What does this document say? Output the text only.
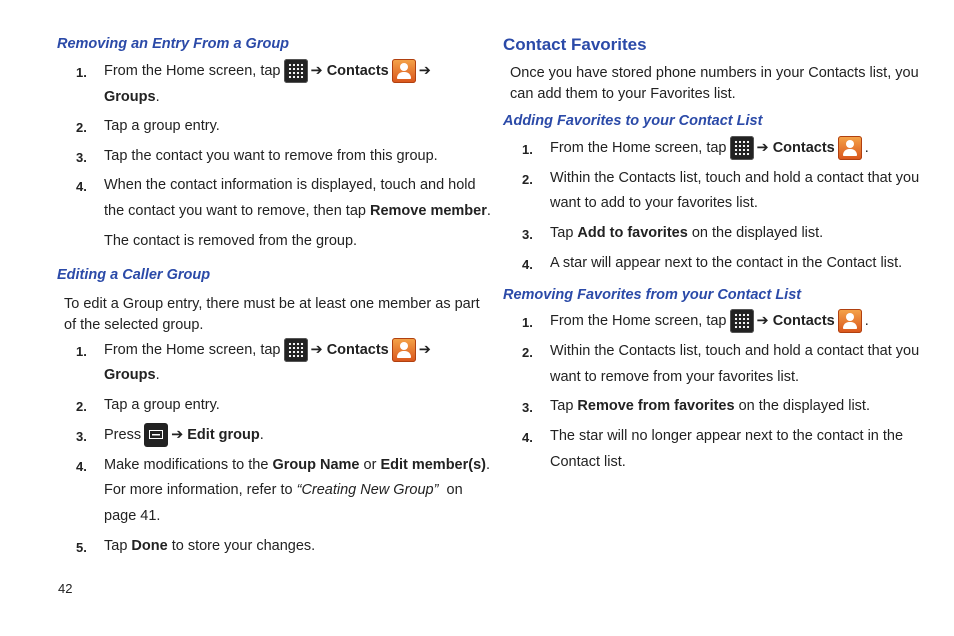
Removing an Entry From a Group
1. From the Home screen, tap ➔ Contacts ➔
Groups.
2. Tap a group entry.
3. Tap the contact you want to remove from this group.
4. When the contact information is displayed, touch and hold
the contact you want to remove, then tap Remove member.
The contact is removed from the group.
Editing a Caller Group
To edit a Group entry, there must be at least one member as part
of the selected group.
1. From the Home screen, tap ➔ Contacts ➔
Groups.
2. Tap a group entry.
3. Press ➔ Edit group.
4. Make modifications to the Group Name or Edit member(s).
For more information, refer to “Creating New Group” on
page 41.
5. Tap Done to store your changes.
Contact Favorites
Once you have stored phone numbers in your Contacts list, you
can add them to your Favorites list.
Adding Favorites to your Contact List
1. From the Home screen, tap ➔ Contacts .
2. Within the Contacts list, touch and hold a contact that you
want to add to your favorites list.
3. Tap Add to favorites on the displayed list.
4. A star will appear next to the contact in the Contact list.
Removing Favorites from your Contact List
1. From the Home screen, tap ➔ Contacts .
2. Within the Contacts list, touch and hold a contact that you
want to remove from your favorites list.
3. Tap Remove from favorites on the displayed list.
4. The star will no longer appear next to the contact in the
Contact list.
42
